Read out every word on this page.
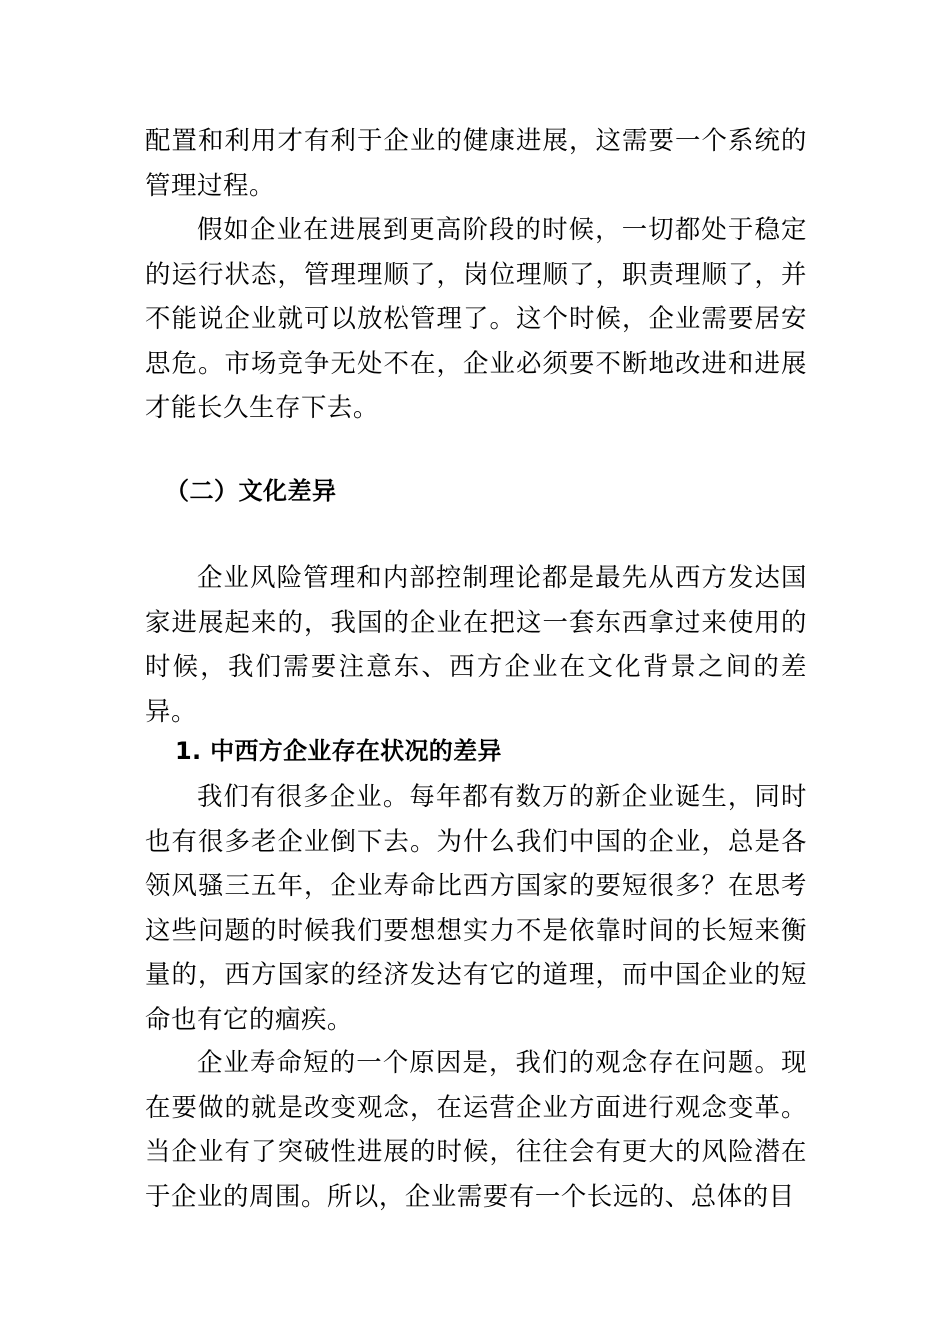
配置和利用才有利于企业的健康进展，这需要一个系统的管理过程。

假如企业在进展到更高阶段的时候，一切都处于稳定的运行状态，管理理顺了，岗位理顺了，职责理顺了，并不能说企业就可以放松管理了。这个时候，企业需要居安思危。市场竞争无处不在，企业必须要不断地改进和进展才能长久生存下去。

（二）文化差异

企业风险管理和内部控制理论都是最先从西方发达国家进展起来的，我国的企业在把这一套东西拿过来使用的时候，我们需要注意东、西方企业在文化背景之间的差异。

1. 中西方企业存在状况的差异

我们有很多企业。每年都有数万的新企业诞生，同时也有很多老企业倒下去。为什么我们中国的企业，总是各领风骚三五年，企业寿命比西方国家的要短很多？在思考这些问题的时候我们要想想实力不是依靠时间的长短来衡量的，西方国家的经济发达有它的道理，而中国企业的短命也有它的痼疾。

企业寿命短的一个原因是，我们的观念存在问题。现在要做的就是改变观念，在运营企业方面进行观念变革。当企业有了突破性进展的时候，往往会有更大的风险潜在于企业的周围。所以，企业需要有一个长远的、总体的目
